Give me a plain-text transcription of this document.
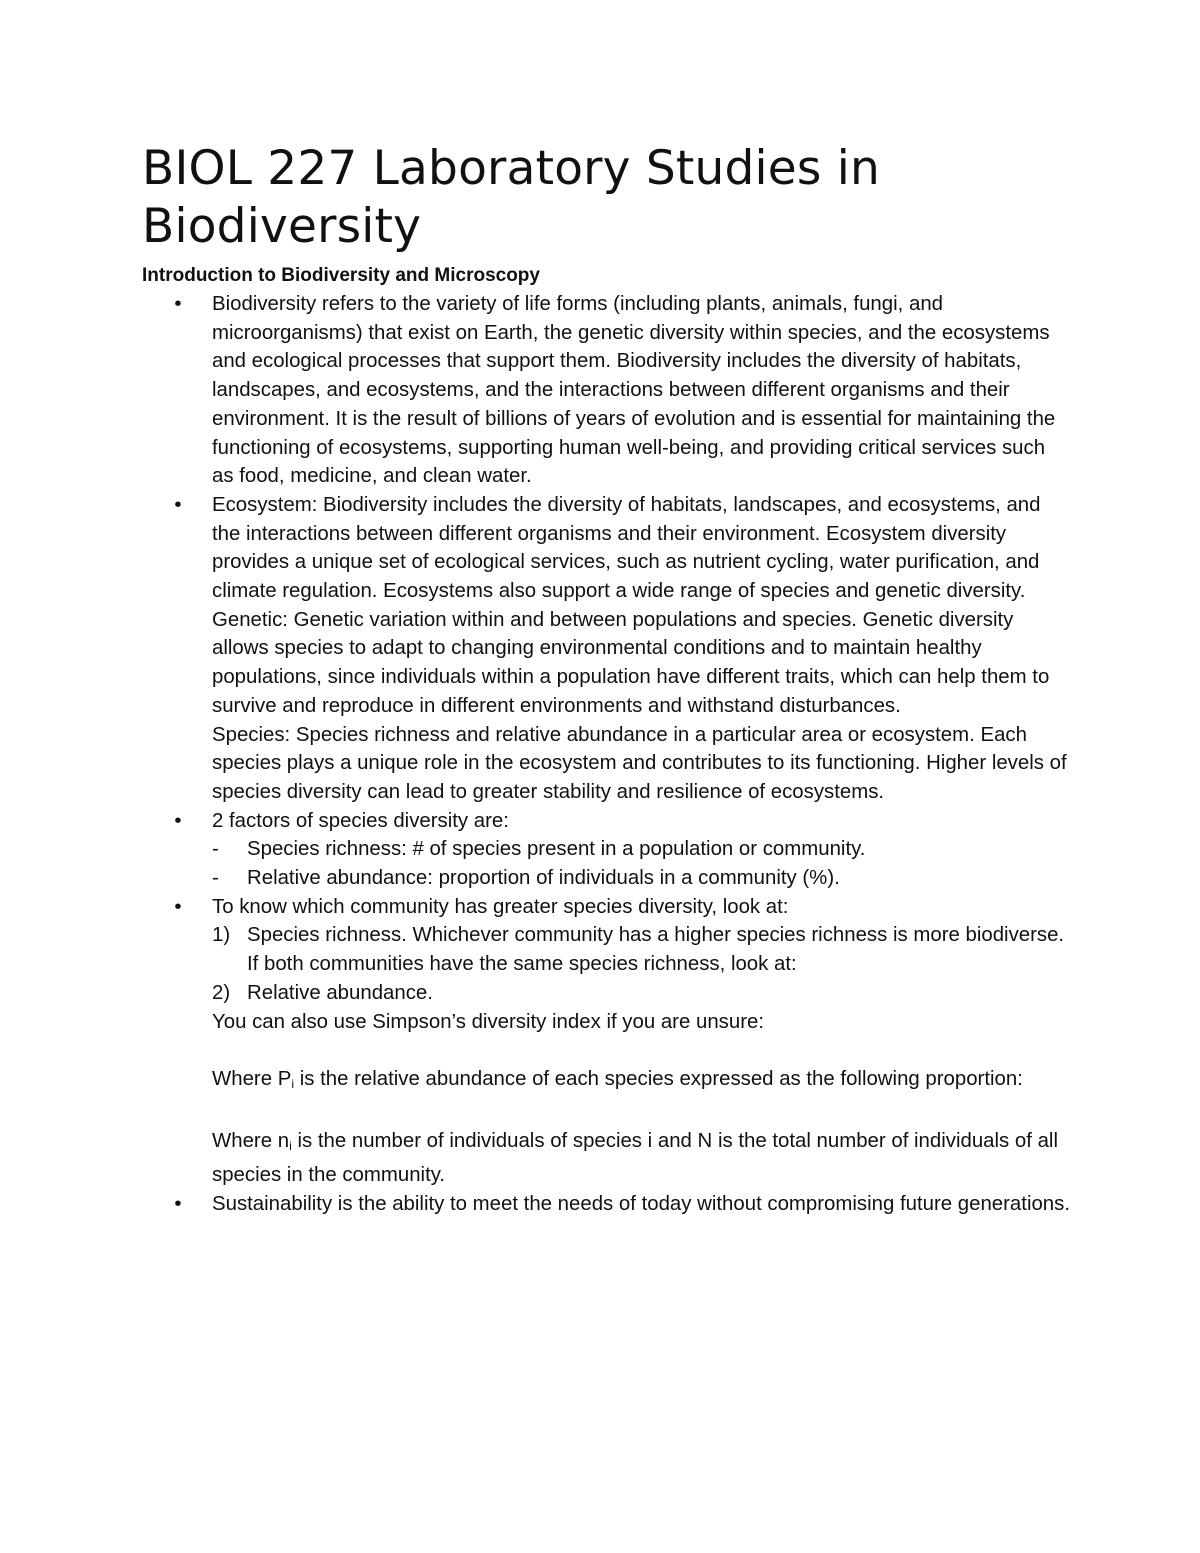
BIOL 227 Laboratory Studies in Biodiversity
Introduction to Biodiversity and Microscopy
• Biodiversity refers to the variety of life forms (including plants, animals, fungi, and microorganisms) that exist on Earth, the genetic diversity within species, and the ecosystems and ecological processes that support them. Biodiversity includes the diversity of habitats, landscapes, and ecosystems, and the interactions between different organisms and their environment. It is the result of billions of years of evolution and is essential for maintaining the functioning of ecosystems, supporting human well-being, and providing critical services such as food, medicine, and clean water.
• Ecosystem: Biodiversity includes the diversity of habitats, landscapes, and ecosystems, and the interactions between different organisms and their environment. Ecosystem diversity provides a unique set of ecological services, such as nutrient cycling, water purification, and climate regulation. Ecosystems also support a wide range of species and genetic diversity.
Genetic: Genetic variation within and between populations and species. Genetic diversity allows species to adapt to changing environmental conditions and to maintain healthy populations, since individuals within a population have different traits, which can help them to survive and reproduce in different environments and withstand disturbances.
Species: Species richness and relative abundance in a particular area or ecosystem. Each species plays a unique role in the ecosystem and contributes to its functioning. Higher levels of species diversity can lead to greater stability and resilience of ecosystems.
• 2 factors of species diversity are:
- Species richness: # of species present in a population or community.
- Relative abundance: proportion of individuals in a community (%).
• To know which community has greater species diversity, look at:
1) Species richness. Whichever community has a higher species richness is more biodiverse. If both communities have the same species richness, look at:
2) Relative abundance.
You can also use Simpson’s diversity index if you are unsure:
Where $P_i$ is the relative abundance of each species expressed as the following proportion:
Where $n_i$ is the number of individuals of species i and N is the total number of individuals of all species in the community.
• Sustainability is the ability to meet the needs of today without compromising future generations.
